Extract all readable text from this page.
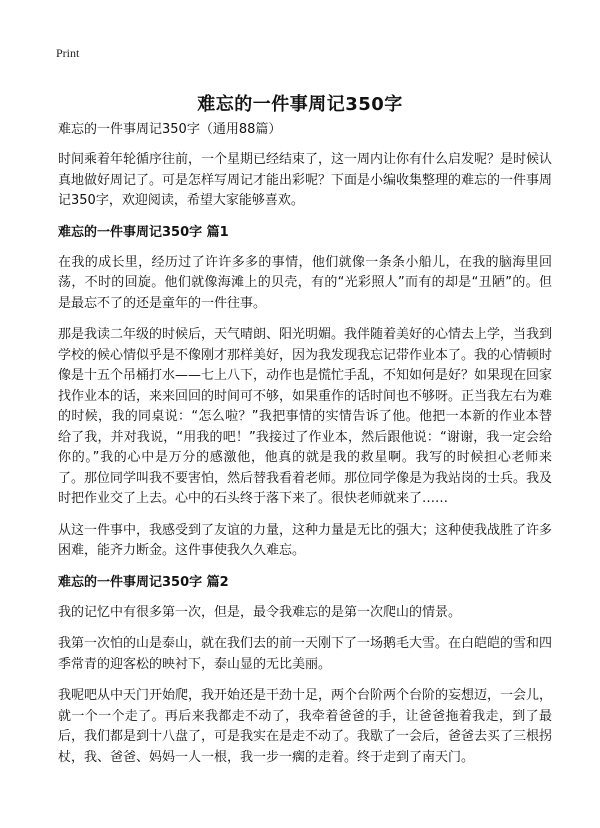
Print
难忘的一件事周记350字
难忘的一件事周记350字（通用88篇）

时间乘着年轮循序往前，一个星期已经结束了，这一周内让你有什么启发呢？是时候认真地做好周记了。可是怎样写周记才能出彩呢？下面是小编收集整理的难忘的一件事周记350字，欢迎阅读，希望大家能够喜欢。

难忘的一件事周记350字 篇1

在我的成长里，经历过了许许多多的事情，他们就像一条条小船儿，在我的脑海里回荡，不时的回旋。他们就像海滩上的贝壳，有的“光彩照人”而有的却是“丑陋”的。但是最忘不了的还是童年的一件往事。

那是我读二年级的时候后，天气晴朗、阳光明媚。我伴随着美好的心情去上学，当我到学校的候心情似乎是不像刚才那样美好，因为我发现我忘记带作业本了。我的心情顿时像是十五个吊桶打水——七上八下，动作也是慌忙手乱，不知如何是好？如果现在回家找作业本的话，来来回回的时间可不够，如果重作的话时间也不够呀。正当我左右为难的时候，我的同桌说：“怎么啦？”我把事情的实情告诉了他。他把一本新的作业本替给了我，并对我说，“用我的吧！”我接过了作业本，然后跟他说：“谢谢，我一定会给你的。”我的心中是万分的感激他，他真的就是我的救星啊。我写的时候担心老师来了。那位同学叫我不要害怕，然后替我看着老师。那位同学像是为我站岗的士兵。我及时把作业交了上去。心中的石头终于落下来了。很快老师就来了……

从这一件事中，我感受到了友谊的力量，这种力量是无比的强大；这种使我战胜了许多困难，能齐力断金。这件事使我久久难忘。

难忘的一件事周记350字 篇2

我的记忆中有很多第一次，但是，最令我难忘的是第一次爬山的情景。

我第一次怕的山是泰山，就在我们去的前一天刚下了一场鹅毛大雪。在白皑皑的雪和四季常青的迎客松的映衬下，泰山显的无比美丽。

我呢吧从中天门开始爬，我开始还是干劲十足，两个台阶两个台阶的妄想迈，一会儿，就一个一个走了。再后来我都走不动了，我牵着爸爸的手，让爸爸拖着我走，到了最后，我们都是到十八盘了，可是我实在是走不动了。我歇了一会后，爸爸去买了三根拐杖，我、爸爸、妈妈一人一根，我一步一瘸的走着。终于走到了南天门。
